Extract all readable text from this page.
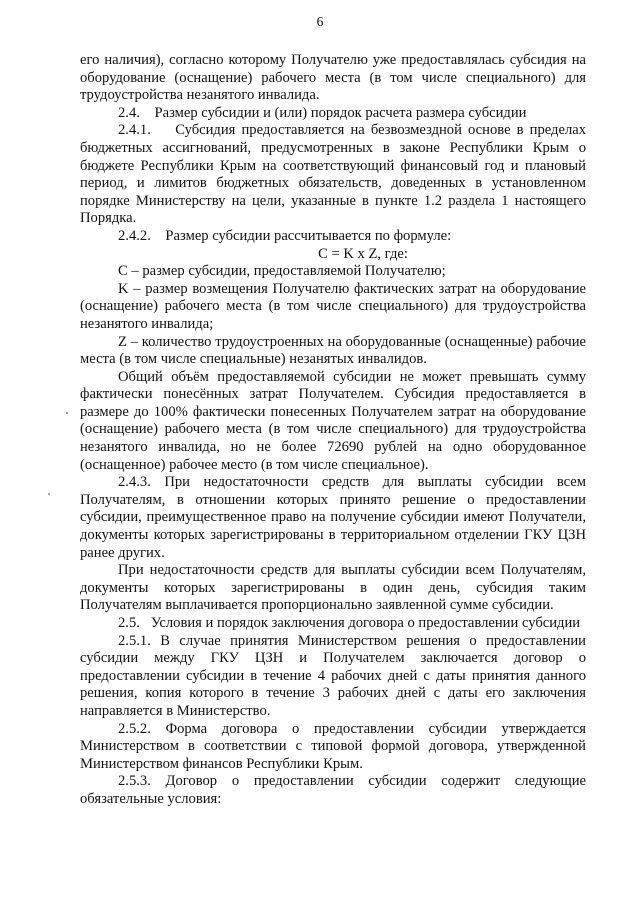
6

его наличия), согласно которому Получателю уже предоставлялась субсидия на оборудование (оснащение) рабочего места (в том числе специального) для трудоустройства незанятого инвалида.

2.4.    Размер субсидии и (или) порядок расчета размера субсидии

2.4.1.    Субсидия предоставляется на безвозмездной основе в пределах бюджетных ассигнований, предусмотренных в законе Республики Крым о бюджете Республики Крым на соответствующий финансовый год и плановый период, и лимитов бюджетных обязательств, доведенных в установленном порядке Министерству на цели, указанные в пункте 1.2 раздела 1 настоящего Порядка.

2.4.2.    Размер субсидии рассчитывается по формуле:

C = K x Z, где:

C – размер субсидии, предоставляемой Получателю;

K – размер возмещения Получателю фактических затрат на оборудование (оснащение) рабочего места (в том числе специального) для трудоустройства незанятого инвалида;

Z – количество трудоустроенных на оборудованные (оснащенные) рабочие места (в том числе специальные) незанятых инвалидов.

Общий объём предоставляемой субсидии не может превышать сумму фактически понесённых затрат Получателем. Субсидия предоставляется в размере до 100% фактически понесенных Получателем затрат на оборудование (оснащение) рабочего места (в том числе специального) для трудоустройства незанятого инвалида, но не более 72690 рублей на одно оборудованное (оснащенное) рабочее место (в том числе специальное).

2.4.3. При недостаточности средств для выплаты субсидии всем Получателям, в отношении которых принято решение о предоставлении субсидии, преимущественное право на получение субсидии имеют Получатели, документы которых зарегистрированы в территориальном отделении ГКУ ЦЗН ранее других.

При недостаточности средств для выплаты субсидии всем Получателям, документы которых зарегистрированы в один день, субсидия таким Получателям выплачивается пропорционально заявленной сумме субсидии.

2.5.   Условия и порядок заключения договора о предоставлении субсидии

2.5.1. В случае принятия Министерством решения о предоставлении субсидии между ГКУ ЦЗН и Получателем заключается договор о предоставлении субсидии в течение 4 рабочих дней с даты принятия данного решения, копия которого в течение 3 рабочих дней с даты его заключения направляется в Министерство.

2.5.2. Форма договора о предоставлении субсидии утверждается Министерством в соответствии с типовой формой договора, утвержденной Министерством финансов Республики Крым.

2.5.3. Договор о предоставлении субсидии содержит следующие обязательные условия:
